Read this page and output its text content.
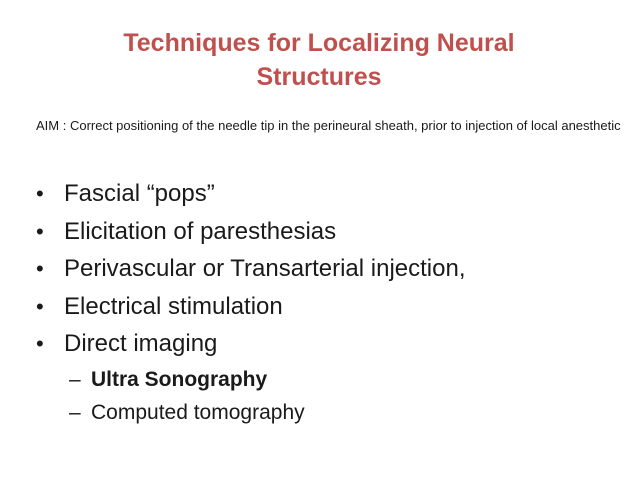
Techniques for Localizing Neural Structures
AIM : Correct positioning of the needle tip in the perineural sheath, prior to injection of local anesthetic
• Fascial “pops”
• Elicitation of paresthesias
• Perivascular or Transarterial injection,
• Electrical stimulation
• Direct imaging
– Ultra Sonography
– Computed tomography
